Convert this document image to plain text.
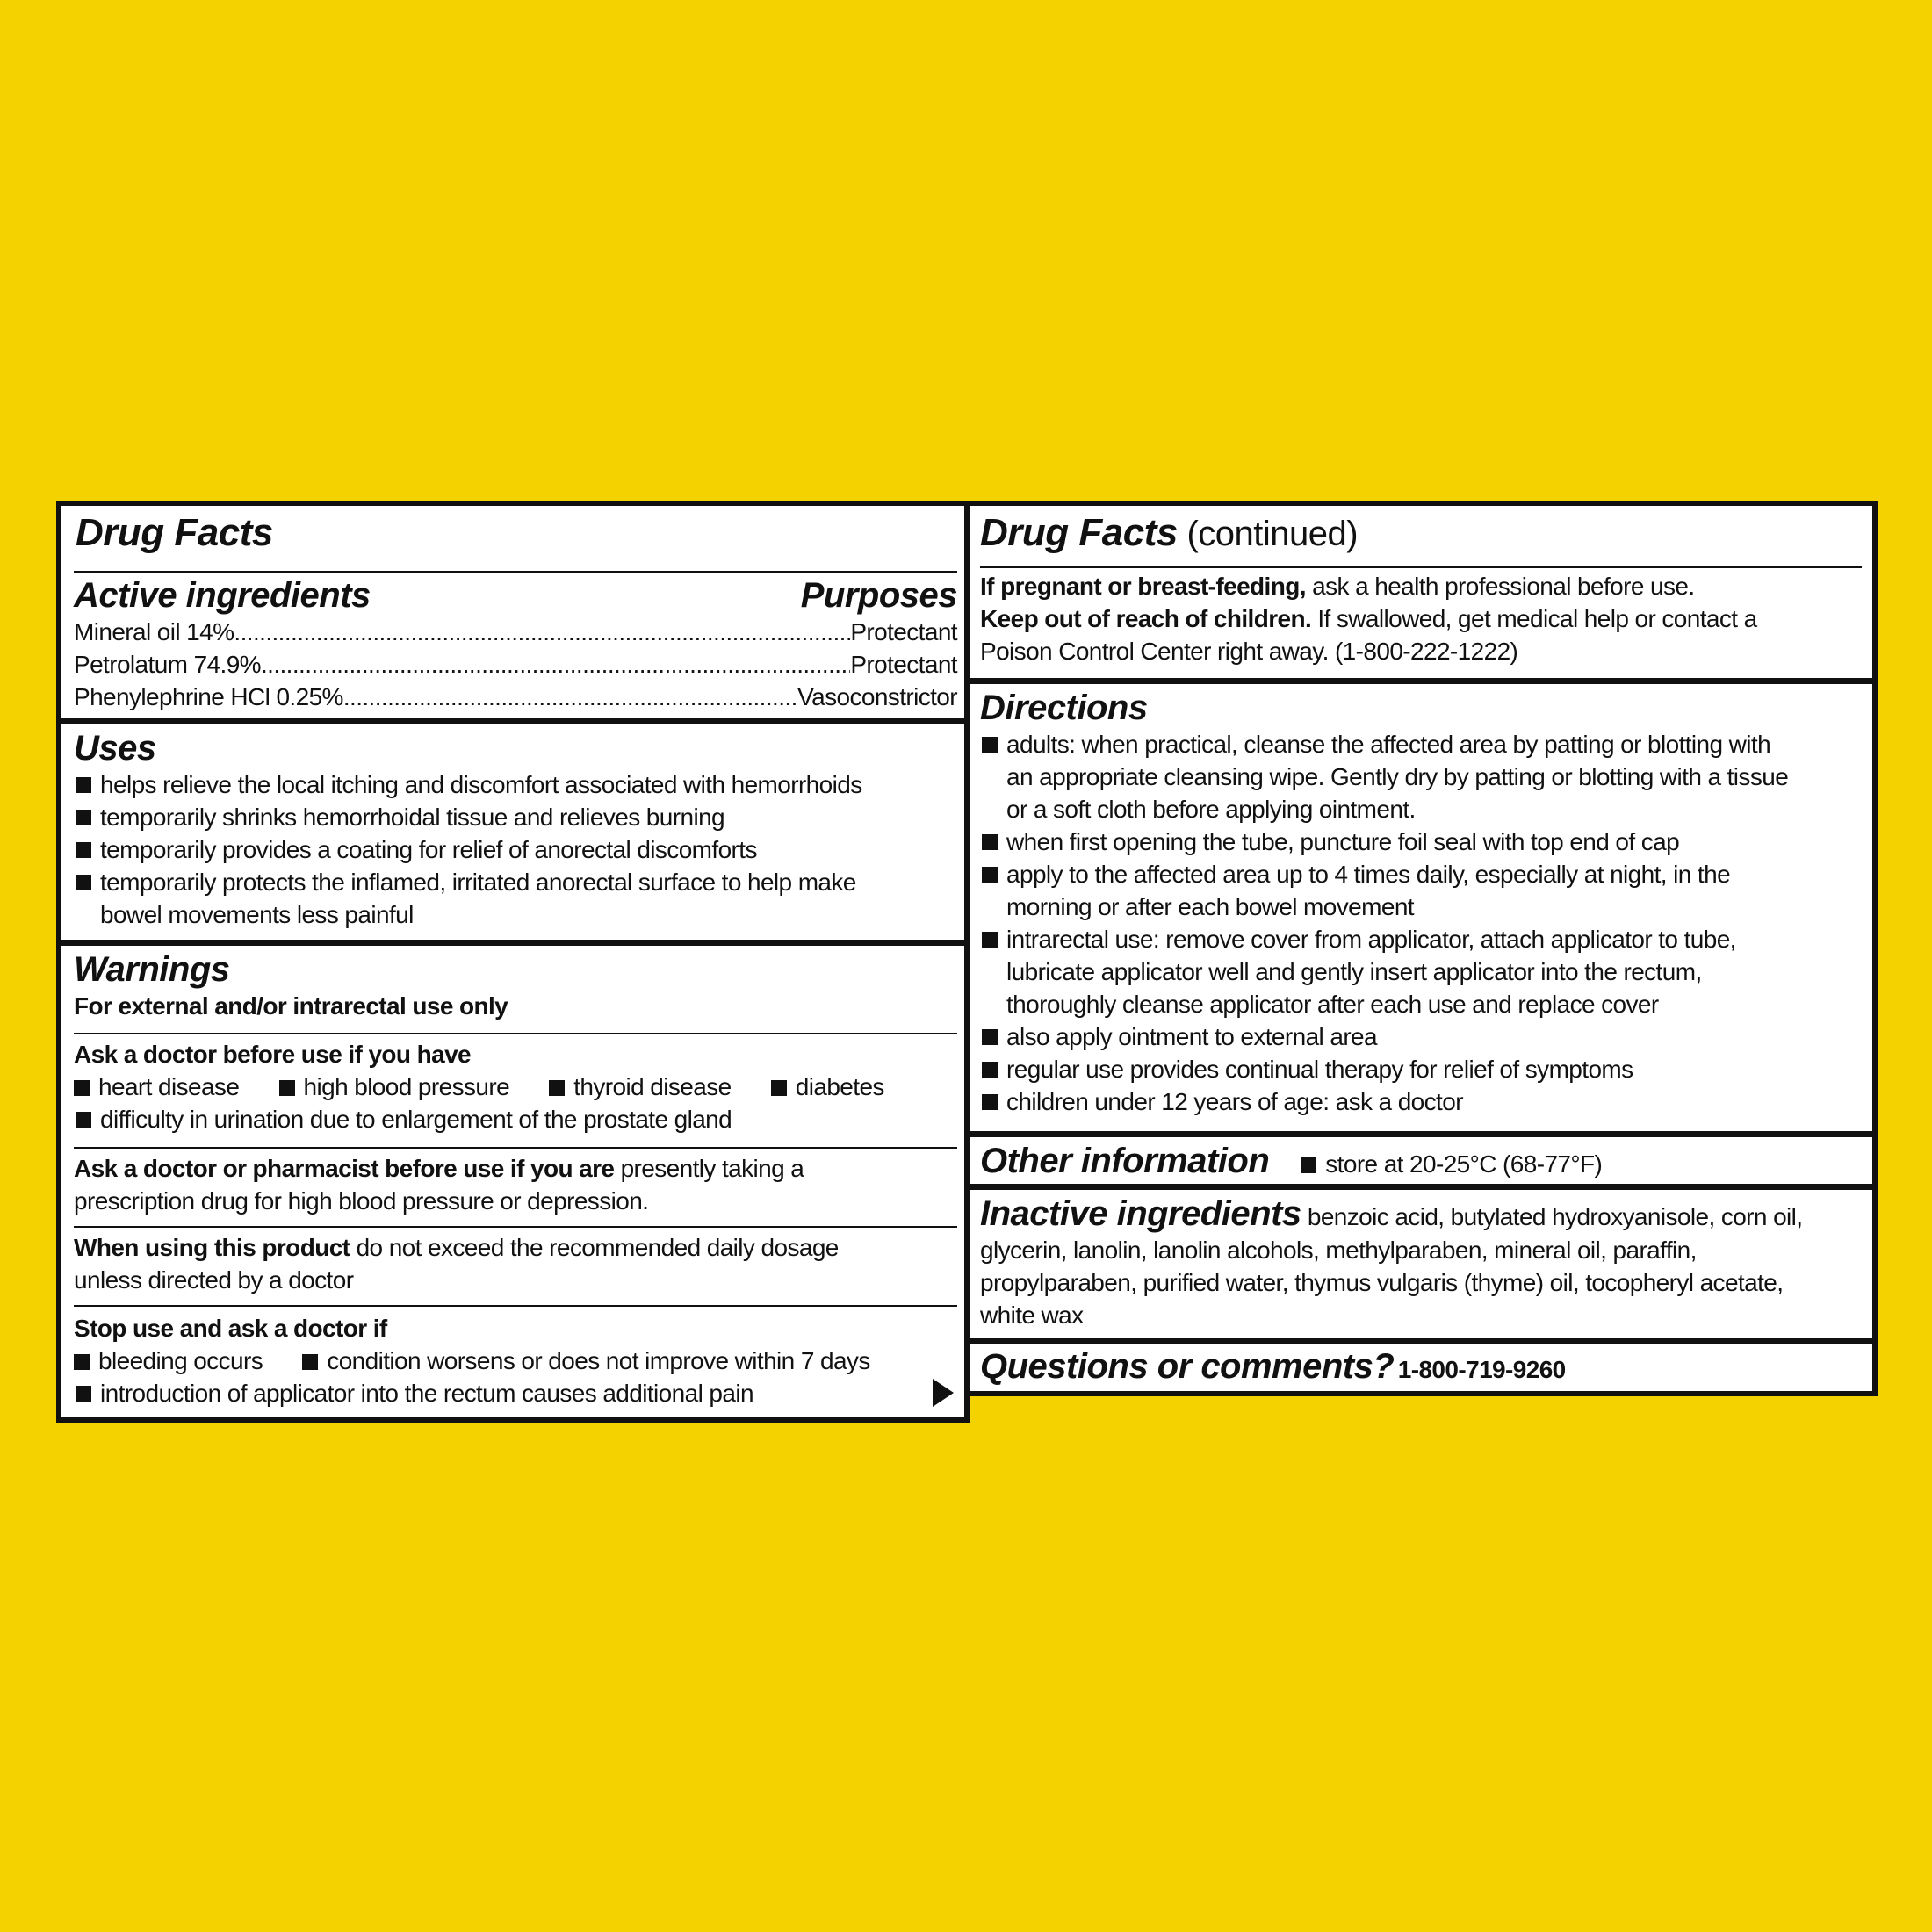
Drug Facts
Active ingredients	Purposes
Mineral oil 14% .....	Protectant
Petrolatum 74.9% .....	Protectant
Phenylephrine HCl 0.25% .....	Vasoconstrictor
Uses
helps relieve the local itching and discomfort associated with hemorrhoids
temporarily shrinks hemorrhoidal tissue and relieves burning
temporarily provides a coating for relief of anorectal discomforts
temporarily protects the inflamed, irritated anorectal surface to help make
bowel movements less painful
Warnings
For external and/or intrarectal use only
Ask a doctor before use if you have
heart disease	high blood pressure	thyroid disease	diabetes
difficulty in urination due to enlargement of the prostate gland
Ask a doctor or pharmacist before use if you are presently taking a
prescription drug for high blood pressure or depression.
When using this product do not exceed the recommended daily dosage
unless directed by a doctor
Stop use and ask a doctor if
bleeding occurs	condition worsens or does not improve within 7 days
introduction of applicator into the rectum causes additional pain
Drug Facts (continued)
If pregnant or breast-feeding, ask a health professional before use.
Keep out of reach of children. If swallowed, get medical help or contact a
Poison Control Center right away. (1-800-222-1222)
Directions
adults: when practical, cleanse the affected area by patting or blotting with
an appropriate cleansing wipe. Gently dry by patting or blotting with a tissue
or a soft cloth before applying ointment.
when first opening the tube, puncture foil seal with top end of cap
apply to the affected area up to 4 times daily, especially at night, in the
morning or after each bowel movement
intrarectal use: remove cover from applicator, attach applicator to tube,
lubricate applicator well and gently insert applicator into the rectum,
thoroughly cleanse applicator after each use and replace cover
also apply ointment to external area
regular use provides continual therapy for relief of symptoms
children under 12 years of age: ask a doctor
Other information	store at 20-25°C (68-77°F)
Inactive ingredients benzoic acid, butylated hydroxyanisole, corn oil,
glycerin, lanolin, lanolin alcohols, methylparaben, mineral oil, paraffin,
propylparaben, purified water, thymus vulgaris (thyme) oil, tocopheryl acetate,
white wax
Questions or comments? 1-800-719-9260
